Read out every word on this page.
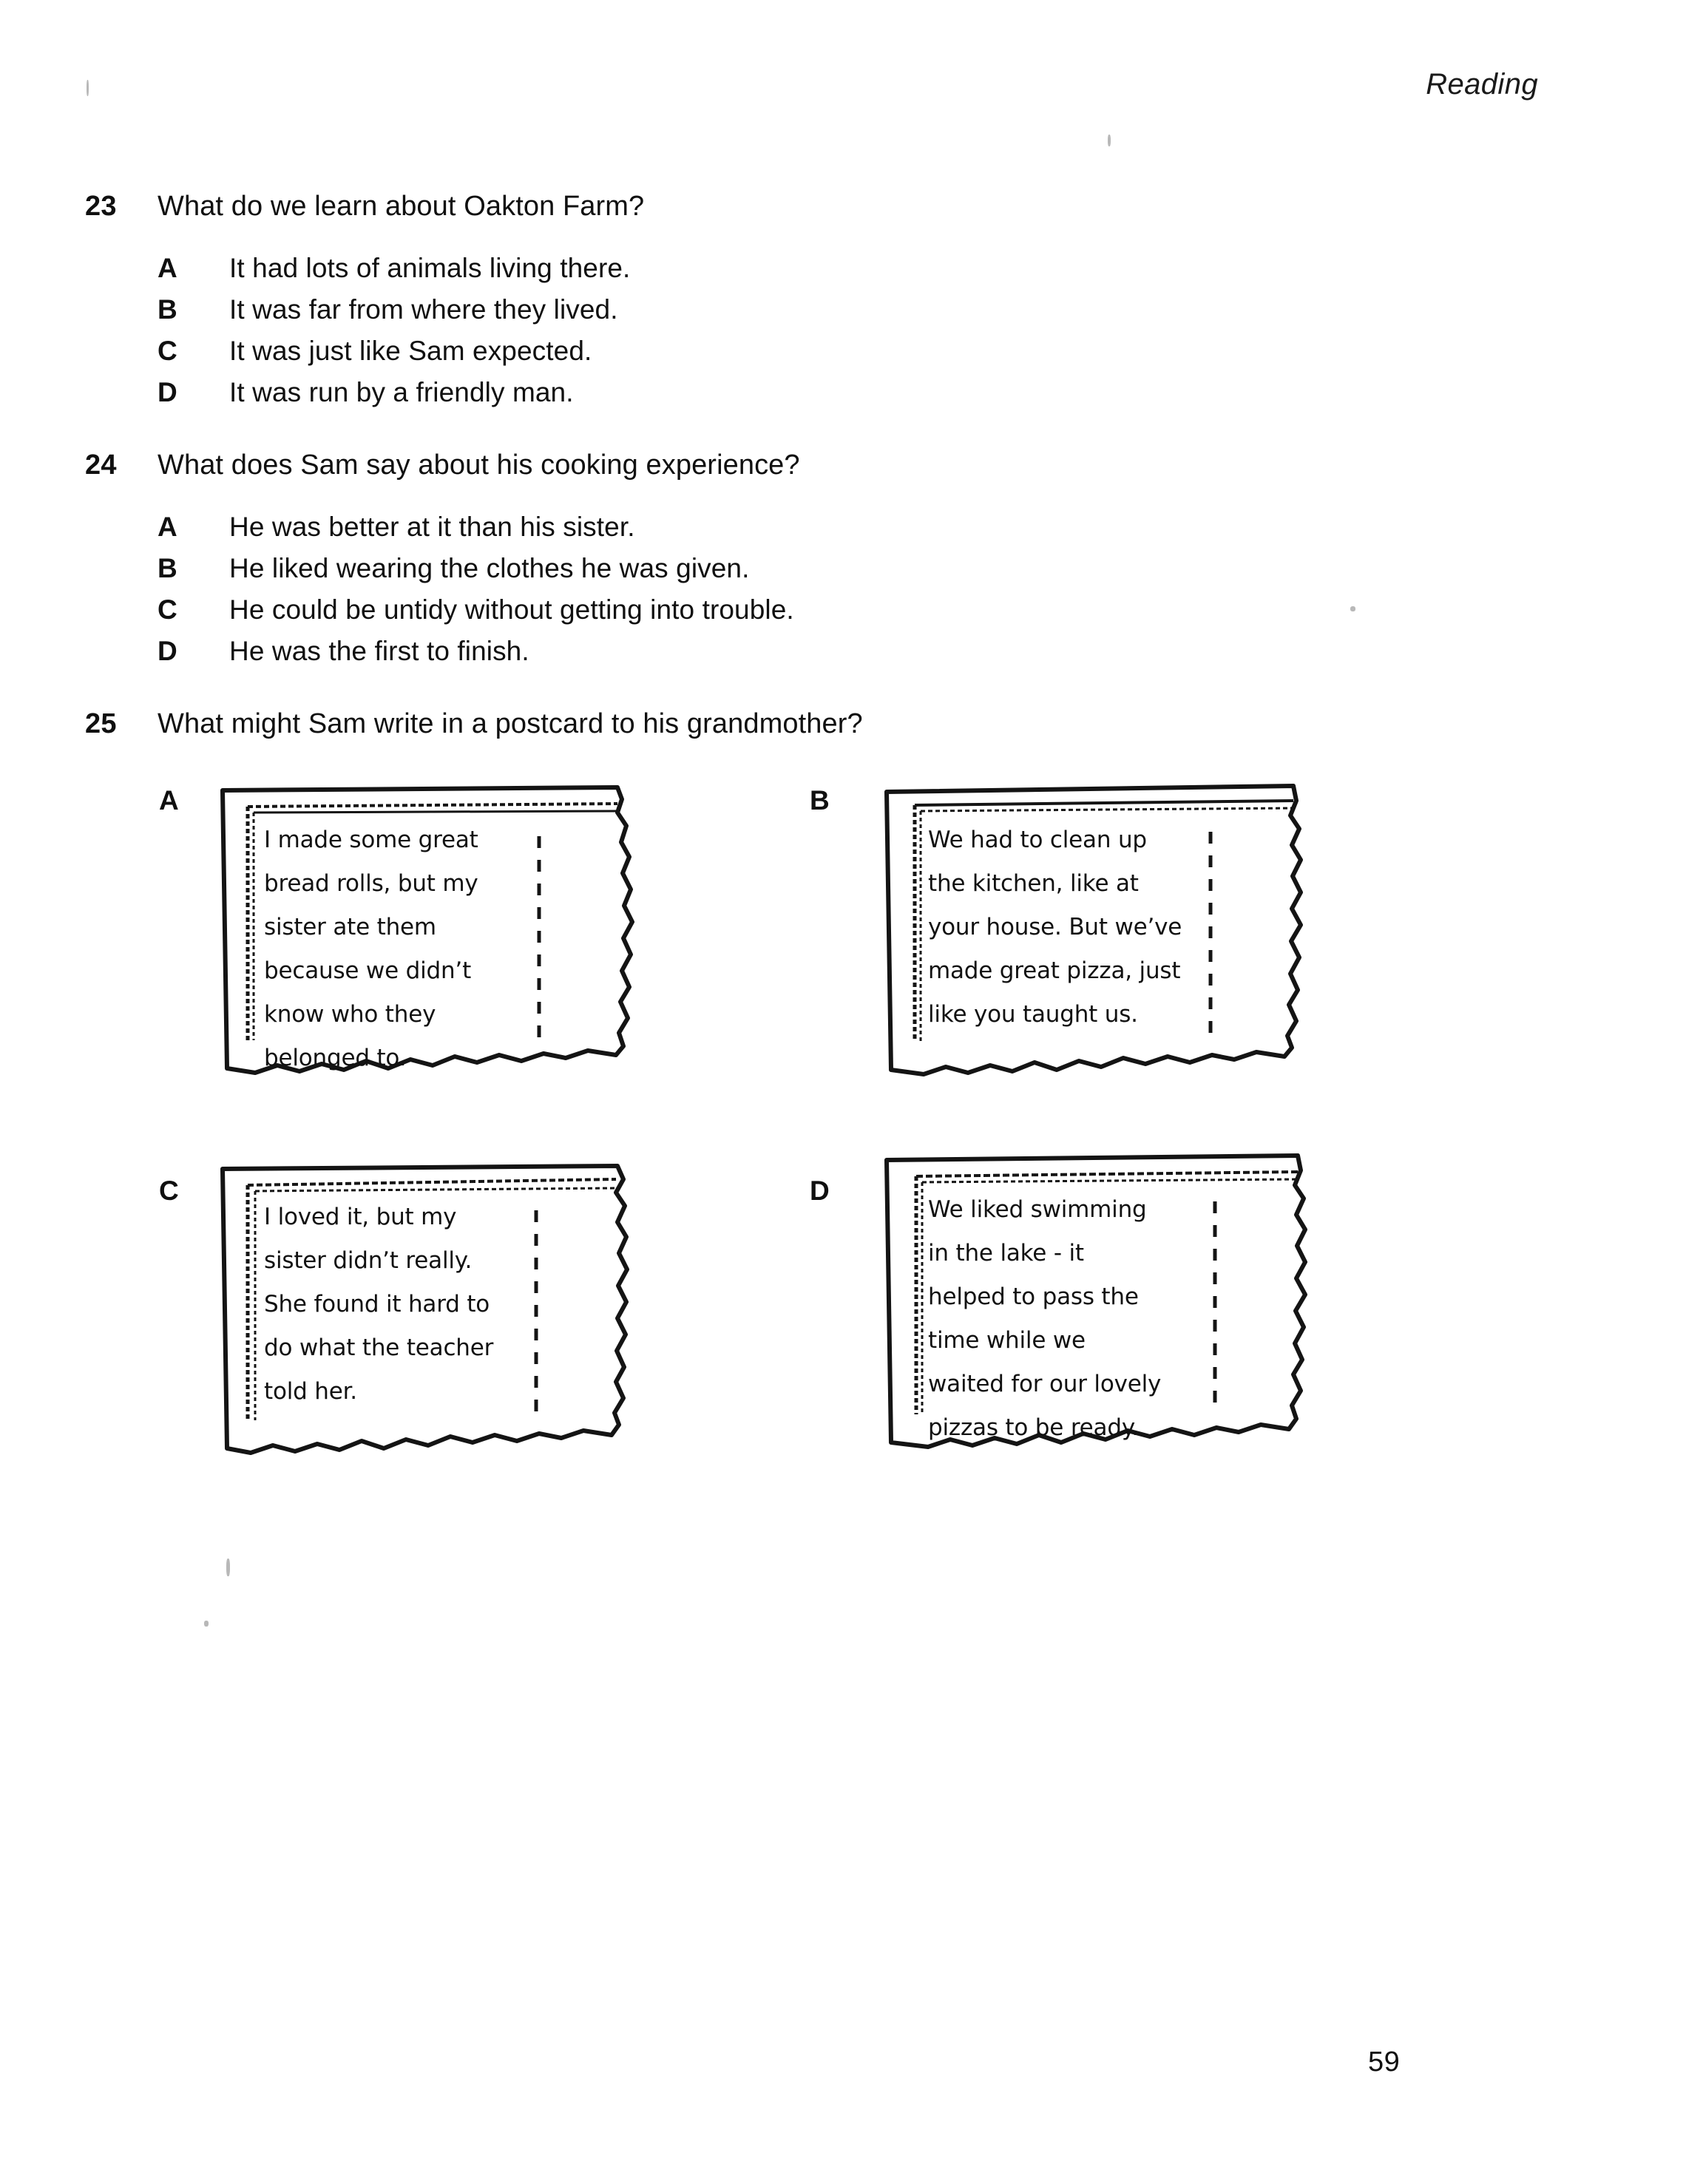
Reading
23 What do we learn about Oakton Farm?
A It had lots of animals living there.
B It was far from where they lived.
C It was just like Sam expected.
D It was run by a friendly man.
24 What does Sam say about his cooking experience?
A He was better at it than his sister.
B He liked wearing the clothes he was given.
C He could be untidy without getting into trouble.
D He was the first to finish.
25 What might Sam write in a postcard to his grandmother?
A
I made some great
bread rolls, but my
sister ate them
because we didn’t
know who they
belonged to.
B
We had to clean up
the kitchen, like at
your house. But we’ve
made great pizza, just
like you taught us.
C
I loved it, but my
sister didn’t really.
She found it hard to
do what the teacher
told her.
D
We liked swimming
in the lake - it
helped to pass the
time while we
waited for our lovely
pizzas to be ready.
59
